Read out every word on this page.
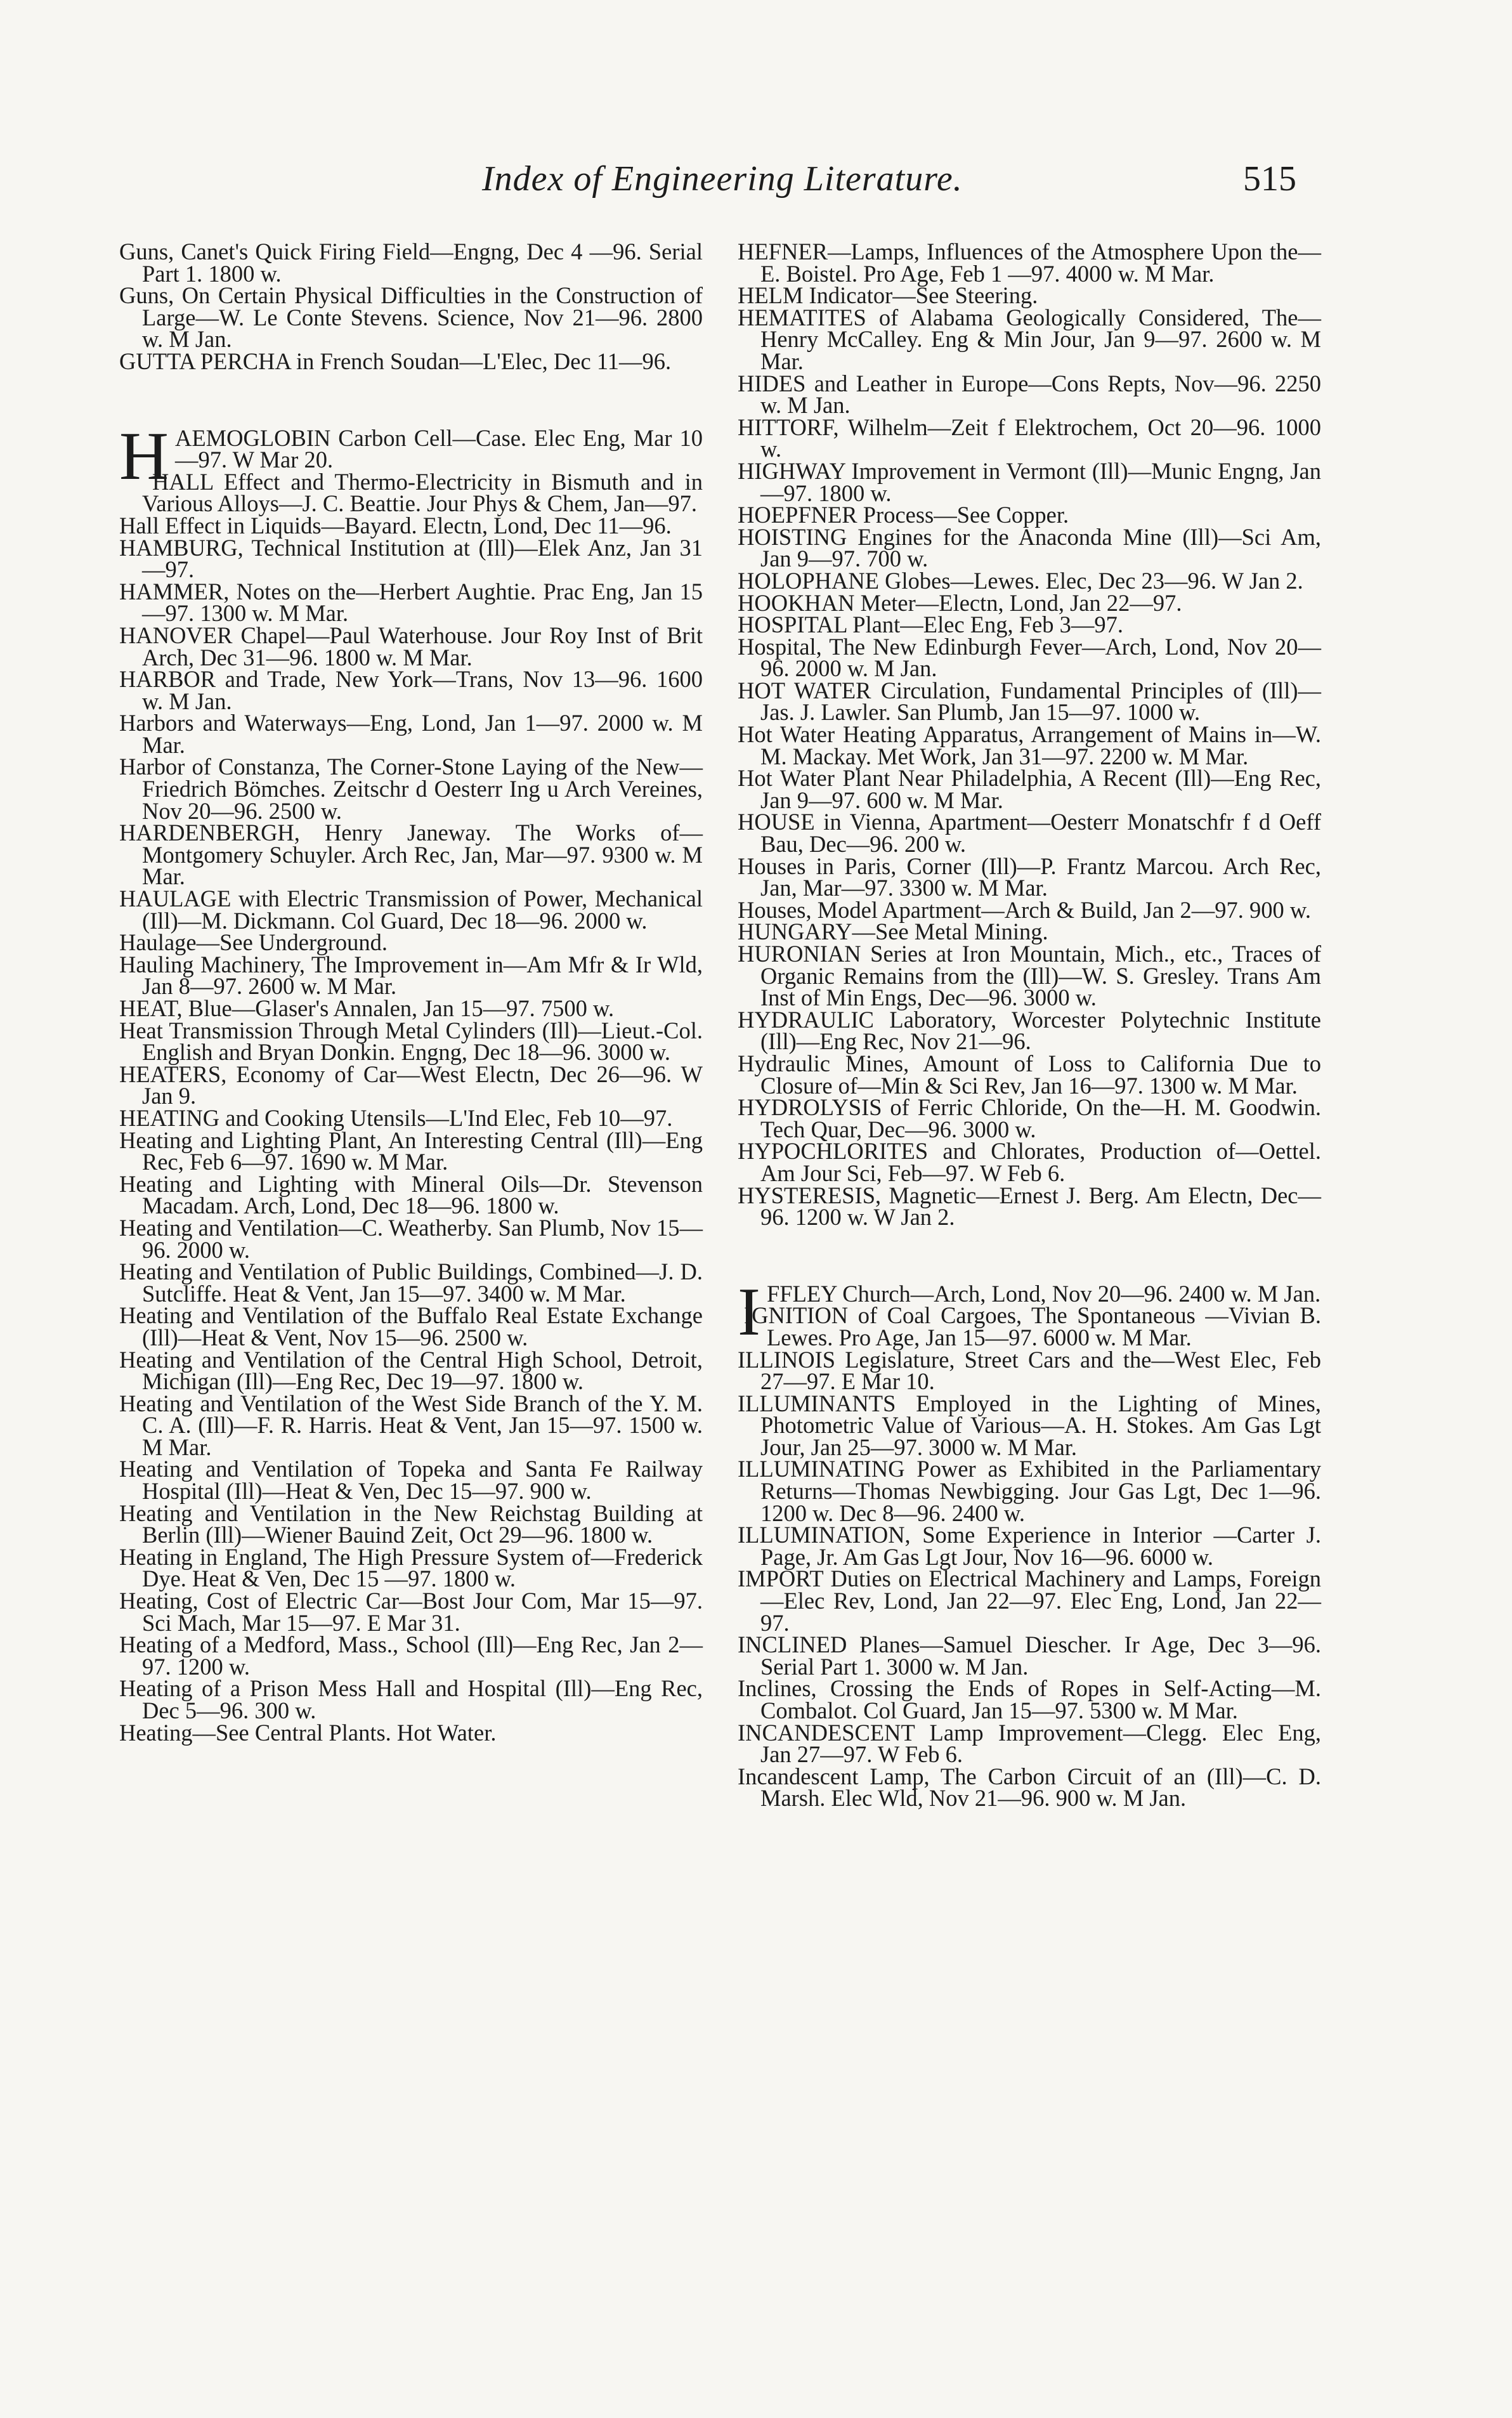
Index of Engineering Literature.	515

Guns, Canet's Quick Firing Field—Engng, Dec 4 —96. Serial Part 1. 1800 w.

Guns, On Certain Physical Difficulties in the Construction of Large—W. Le Conte Stevens. Science, Nov 21—96. 2800 w. M Jan.

GUTTA PERCHA in French Soudan—L'Elec, Dec 11—96.

H AEMOGLOBIN Carbon Cell—Case. Elec Eng, Mar 10—97. W Mar 20.

HALL Effect and Thermo-Electricity in Bismuth and in Various Alloys—J. C. Beattie. Jour Phys & Chem, Jan—97.

Hall Effect in Liquids—Bayard. Electn, Lond, Dec 11—96.

HAMBURG, Technical Institution at (Ill)—Elek Anz, Jan 31—97.

HAMMER, Notes on the—Herbert Aughtie. Prac Eng, Jan 15—97. 1300 w. M Mar.

HANOVER Chapel—Paul Waterhouse. Jour Roy Inst of Brit Arch, Dec 31—96. 1800 w. M Mar.

HARBOR and Trade, New York—Trans, Nov 13—96. 1600 w. M Jan.

Harbors and Waterways—Eng, Lond, Jan 1—97. 2000 w. M Mar.

Harbor of Constanza, The Corner-Stone Laying of the New—Friedrich Bömches. Zeitschr d Oesterr Ing u Arch Vereines, Nov 20—96. 2500 w.

HARDENBERGH, Henry Janeway. The Works of—Montgomery Schuyler. Arch Rec, Jan, Mar—97. 9300 w. M Mar.

HAULAGE with Electric Transmission of Power, Mechanical (Ill)—M. Dickmann. Col Guard, Dec 18—96. 2000 w.

Haulage—See Underground.

Hauling Machinery, The Improvement in—Am Mfr & Ir Wld, Jan 8—97. 2600 w. M Mar.

HEAT, Blue—Glaser's Annalen, Jan 15—97. 7500 w.

Heat Transmission Through Metal Cylinders (Ill)—Lieut.-Col. English and Bryan Donkin. Engng, Dec 18—96. 3000 w.

HEATERS, Economy of Car—West Electn, Dec 26—96. W Jan 9.

HEATING and Cooking Utensils—L'Ind Elec, Feb 10—97.

Heating and Lighting Plant, An Interesting Central (Ill)—Eng Rec, Feb 6—97. 1690 w. M Mar.

Heating and Lighting with Mineral Oils—Dr. Stevenson Macadam. Arch, Lond, Dec 18—96. 1800 w.

Heating and Ventilation—C. Weatherby. San Plumb, Nov 15—96. 2000 w.

Heating and Ventilation of Public Buildings, Combined—J. D. Sutcliffe. Heat & Vent, Jan 15—97. 3400 w. M Mar.

Heating and Ventilation of the Buffalo Real Estate Exchange (Ill)—Heat & Vent, Nov 15—96. 2500 w.

Heating and Ventilation of the Central High School, Detroit, Michigan (Ill)—Eng Rec, Dec 19—97. 1800 w.

Heating and Ventilation of the West Side Branch of the Y. M. C. A. (Ill)—F. R. Harris. Heat & Vent, Jan 15—97. 1500 w. M Mar.

Heating and Ventilation of Topeka and Santa Fe Railway Hospital (Ill)—Heat & Ven, Dec 15—97. 900 w.

Heating and Ventilation in the New Reichstag Building at Berlin (Ill)—Wiener Bauind Zeit, Oct 29—96. 1800 w.

Heating in England, The High Pressure System of—Frederick Dye. Heat & Ven, Dec 15 —97. 1800 w.

Heating, Cost of Electric Car—Bost Jour Com, Mar 15—97. Sci Mach, Mar 15—97. E Mar 31.

Heating of a Medford, Mass., School (Ill)—Eng Rec, Jan 2—97. 1200 w.

Heating of a Prison Mess Hall and Hospital (Ill)—Eng Rec, Dec 5—96. 300 w.

Heating—See Central Plants. Hot Water.

HEFNER—Lamps, Influences of the Atmosphere Upon the—E. Boistel. Pro Age, Feb 1 —97. 4000 w. M Mar.

HELM Indicator—See Steering.

HEMATITES of Alabama Geologically Considered, The—Henry McCalley. Eng & Min Jour, Jan 9—97. 2600 w. M Mar.

HIDES and Leather in Europe—Cons Repts, Nov—96. 2250 w. M Jan.

HITTORF, Wilhelm—Zeit f Elektrochem, Oct 20—96. 1000 w.

HIGHWAY Improvement in Vermont (Ill)—Munic Engng, Jan—97. 1800 w.

HOEPFNER Process—See Copper.

HOISTING Engines for the Anaconda Mine (Ill)—Sci Am, Jan 9—97. 700 w.

HOLOPHANE Globes—Lewes. Elec, Dec 23—96. W Jan 2.

HOOKHAN Meter—Electn, Lond, Jan 22—97.

HOSPITAL Plant—Elec Eng, Feb 3—97.

Hospital, The New Edinburgh Fever—Arch, Lond, Nov 20—96. 2000 w. M Jan.

HOT WATER Circulation, Fundamental Principles of (Ill)—Jas. J. Lawler. San Plumb, Jan 15—97. 1000 w.

Hot Water Heating Apparatus, Arrangement of Mains in—W. M. Mackay. Met Work, Jan 31—97. 2200 w. M Mar.

Hot Water Plant Near Philadelphia, A Recent (Ill)—Eng Rec, Jan 9—97. 600 w. M Mar.

HOUSE in Vienna, Apartment—Oesterr Monatschfr f d Oeff Bau, Dec—96. 200 w.

Houses in Paris, Corner (Ill)—P. Frantz Marcou. Arch Rec, Jan, Mar—97. 3300 w. M Mar.

Houses, Model Apartment—Arch & Build, Jan 2—97. 900 w.

HUNGARY—See Metal Mining.

HURONIAN Series at Iron Mountain, Mich., etc., Traces of Organic Remains from the (Ill)—W. S. Gresley. Trans Am Inst of Min Engs, Dec—96. 3000 w.

HYDRAULIC Laboratory, Worcester Polytechnic Institute (Ill)—Eng Rec, Nov 21—96.

Hydraulic Mines, Amount of Loss to California Due to Closure of—Min & Sci Rev, Jan 16—97. 1300 w. M Mar.

HYDROLYSIS of Ferric Chloride, On the—H. M. Goodwin. Tech Quar, Dec—96. 3000 w.

HYPOCHLORITES and Chlorates, Production of—Oettel. Am Jour Sci, Feb—97. W Feb 6.

HYSTERESIS, Magnetic—Ernest J. Berg. Am Electn, Dec—96. 1200 w. W Jan 2.

I FFLEY Church—Arch, Lond, Nov 20—96. 2400 w. M Jan.

IGNITION of Coal Cargoes, The Spontaneous —Vivian B. Lewes. Pro Age, Jan 15—97. 6000 w. M Mar.

ILLINOIS Legislature, Street Cars and the—West Elec, Feb 27—97. E Mar 10.

ILLUMINANTS Employed in the Lighting of Mines, Photometric Value of Various—A. H. Stokes. Am Gas Lgt Jour, Jan 25—97. 3000 w. M Mar.

ILLUMINATING Power as Exhibited in the Parliamentary Returns—Thomas Newbigging. Jour Gas Lgt, Dec 1—96. 1200 w. Dec 8—96. 2400 w.

ILLUMINATION, Some Experience in Interior —Carter J. Page, Jr. Am Gas Lgt Jour, Nov 16—96. 6000 w.

IMPORT Duties on Electrical Machinery and Lamps, Foreign—Elec Rev, Lond, Jan 22—97. Elec Eng, Lond, Jan 22—97.

INCLINED Planes—Samuel Diescher. Ir Age, Dec 3—96. Serial Part 1. 3000 w. M Jan.

Inclines, Crossing the Ends of Ropes in Self-Acting—M. Combalot. Col Guard, Jan 15—97. 5300 w. M Mar.

INCANDESCENT Lamp Improvement—Clegg. Elec Eng, Jan 27—97. W Feb 6.

Incandescent Lamp, The Carbon Circuit of an (Ill)—C. D. Marsh. Elec Wld, Nov 21—96. 900 w. M Jan.
